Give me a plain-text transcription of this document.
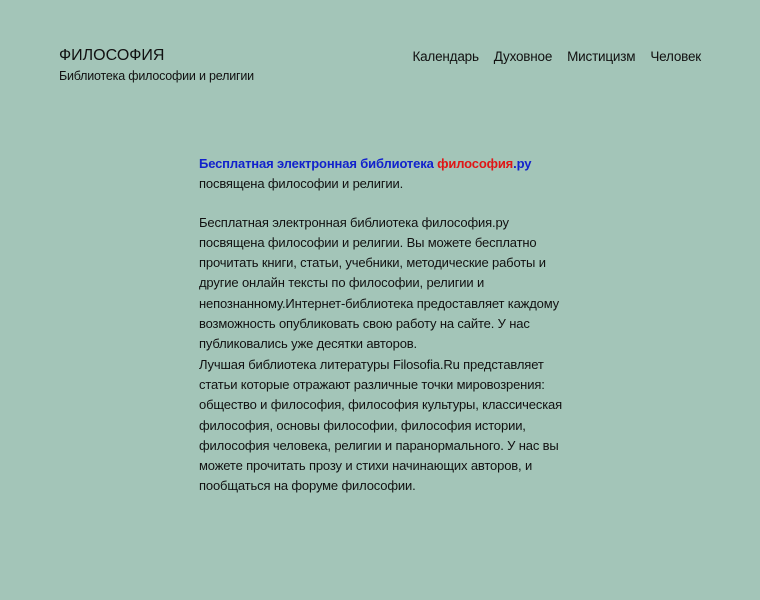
ФИЛОСОФИЯ
Библиотека философии и религии
Календарь Духовное Мистицизм Человек

Бесплатная электронная библиотека философия.ру
посвящена философии и религии.

Бесплатная электронная библиотека философия.ру посвящена философии и религии. Вы можете бесплатно прочитать книги, статьи, учебники, методические работы и другие онлайн тексты по философии, религии и непознанному.Интернет-библиотека предоставляет каждому возможность опубликовать свою работу на сайте. У нас публиковались уже десятки авторов.

Лучшая библиотека литературы Filosofia.Ru представляет статьи которые отражают различные точки мировозрения: общество и философия, философия культуры, классическая философия, основы философии, философия истории, философия человека, религии и паранормального. У нас вы можете прочитать прозу и стихи начинающих авторов, и пообщаться на форуме философии.
